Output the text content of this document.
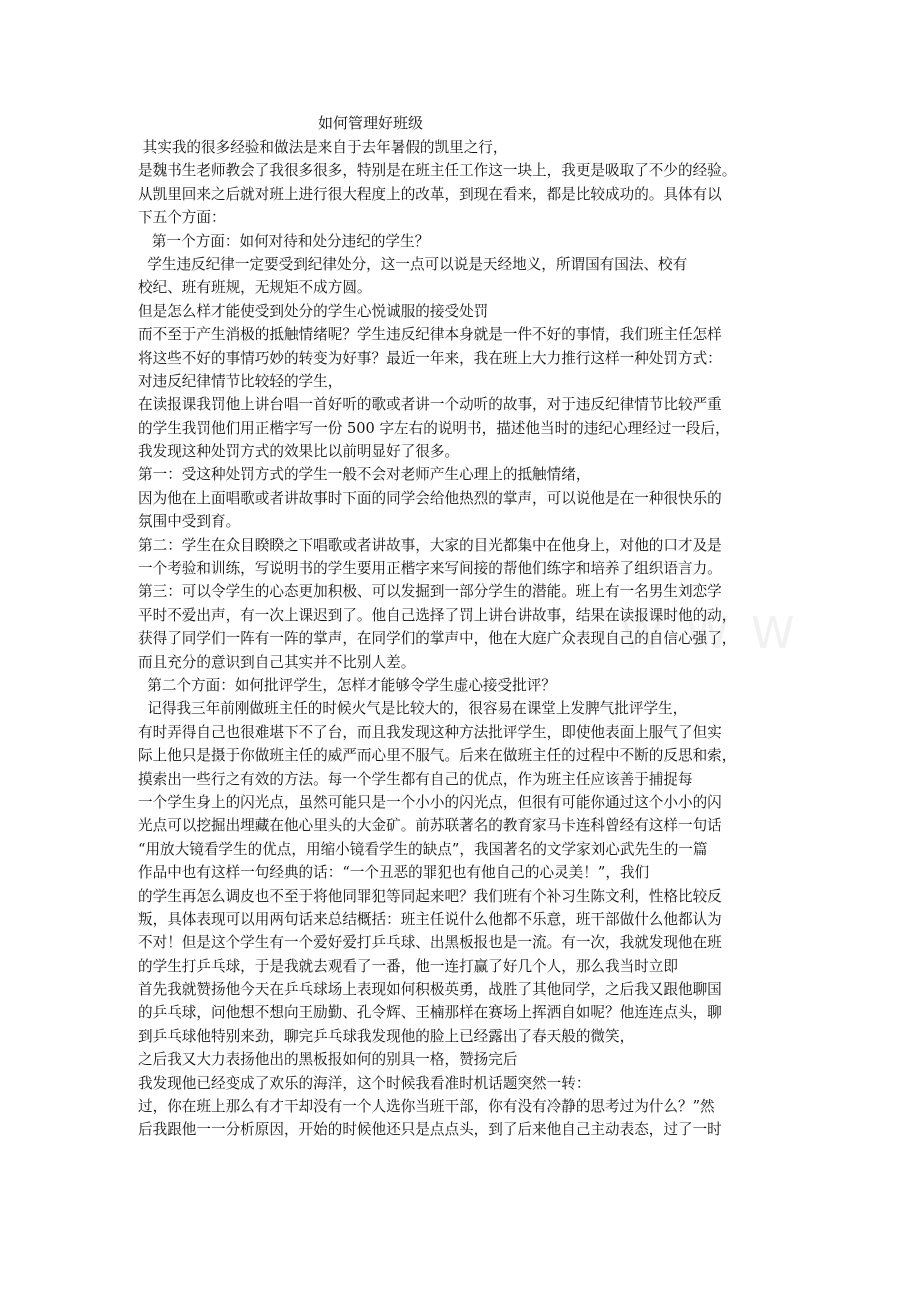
W W W
如何管理好班级
其实我的很多经验和做法是来自于去年暑假的凯里之行，
是魏书生老师教会了我很多很多，特别是在班主任工作这一块上，我更是吸取了不少的经验。
从凯里回来之后就对班上进行很大程度上的改革，到现在看来，都是比较成功的。具体有以
下五个方面：
第一个方面：如何对待和处分违纪的学生？
学生违反纪律一定要受到纪律处分，这一点可以说是天经地义，所谓国有国法、校有
校纪、班有班规，无规矩不成方圆。
但是怎么样才能使受到处分的学生心悦诚服的接受处罚
而不至于产生消极的抵触情绪呢？学生违反纪律本身就是一件不好的事情，我们班主任怎样
将这些不好的事情巧妙的转变为好事？最近一年来，我在班上大力推行这样一种处罚方式：
对违反纪律情节比较轻的学生，
在读报课我罚他上讲台唱一首好听的歌或者讲一个动听的故事，对于违反纪律情节比较严重
的学生我罚他们用正楷字写一份 500 字左右的说明书，描述他当时的违纪心理经过一段后，
我发现这种处罚方式的效果比以前明显好了很多。
第一：受这种处罚方式的学生一般不会对老师产生心理上的抵触情绪，
因为他在上面唱歌或者讲故事时下面的同学会给他热烈的掌声，可以说他是在一种很快乐的
氛围中受到育。
第二：学生在众目睽睽之下唱歌或者讲故事，大家的目光都集中在他身上，对他的口才及是
一个考验和训练，写说明书的学生要用正楷字来写间接的帮他们练字和培养了组织语言力。
第三：可以令学生的心态更加积极、可以发掘到一部分学生的潜能。班上有一名男生刘恋学
平时不爱出声，有一次上课迟到了。他自己选择了罚上讲台讲故事，结果在读报课时他的动，
获得了同学们一阵有一阵的掌声，在同学们的掌声中，他在大庭广众表现自己的自信心强了，
而且充分的意识到自己其实并不比别人差。
第二个方面：如何批评学生，怎样才能够令学生虚心接受批评？
记得我三年前刚做班主任的时候火气是比较大的，很容易在课堂上发脾气批评学生，
有时弄得自己也很难堪下不了台，而且我发现这种方法批评学生，即使他表面上服气了但实
际上他只是摄于你做班主任的威严而心里不服气。后来在做班主任的过程中不断的反思和索，
摸索出一些行之有效的方法。每一个学生都有自己的优点，作为班主任应该善于捕捉每
一个学生身上的闪光点，虽然可能只是一个小小的闪光点，但很有可能你通过这个小小的闪
光点可以挖掘出埋藏在他心里头的大金矿。前苏联著名的教育家马卡连科曾经有这样一句话
“用放大镜看学生的优点，用缩小镜看学生的缺点”，我国著名的文学家刘心武先生的一篇
作品中也有这样一句经典的话：“一个丑恶的罪犯也有他自己的心灵美！”，我们
的学生再怎么调皮也不至于将他同罪犯等同起来吧？我们班有个补习生陈文利，性格比较反
叛，具体表现可以用两句话来总结概括：班主任说什么他都不乐意，班干部做什么他都认为
不对！但是这个学生有一个爱好爱打乒乓球、出黑板报也是一流。有一次，我就发现他在班
的学生打乒乓球，于是我就去观看了一番，他一连打赢了好几个人，那么我当时立即
首先我就赞扬他今天在乒乓球场上表现如何积极英勇，战胜了其他同学，之后我又跟他聊国
的乒乓球，问他想不想向王励勤、孔令辉、王楠那样在赛场上挥洒自如呢？他连连点头，聊
到乒乓球他特别来劲，聊完乒乓球我发现他的脸上已经露出了春天般的微笑，
之后我又大力表扬他出的黑板报如何的别具一格，赞扬完后
我发现他已经变成了欢乐的海洋，这个时候我看准时机话题突然一转：
过，你在班上那么有才干却没有一个人选你当班干部，你有没有冷静的思考过为什么？”然
后我跟他一一分析原因，开始的时候他还只是点点头，到了后来他自己主动表态，过了一时
